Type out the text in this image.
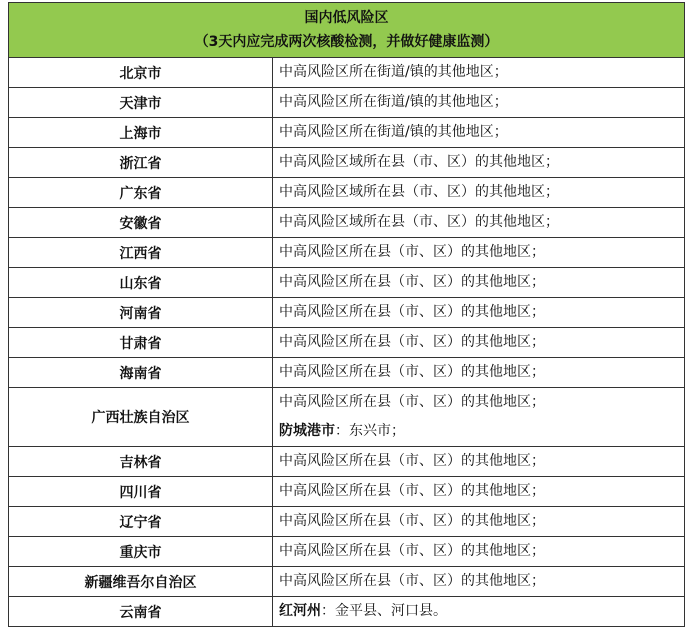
国内低风险区
（3天内应完成两次核酸检测，并做好健康监测）	

北京市	中高风险区所在街道/镇的其他地区；

天津市	中高风险区所在街道/镇的其他地区；

上海市	中高风险区所在街道/镇的其他地区；

浙江省	中高风险区域所在县（市、区）的其他地区；

广东省	中高风险区域所在县（市、区）的其他地区；

安徽省	中高风险区域所在县（市、区）的其他地区；

江西省	中高风险区所在县（市、区）的其他地区；

山东省	中高风险区所在县（市、区）的其他地区；

河南省	中高风险区所在县（市、区）的其他地区；

甘肃省	中高风险区所在县（市、区）的其他地区；

海南省	中高风险区所在县（市、区）的其他地区；

广西壮族自治区	中高风险区所在县（市、区）的其他地区；
防城港市：东兴市；

吉林省	中高风险区所在县（市、区）的其他地区；

四川省	中高风险区所在县（市、区）的其他地区；

辽宁省	中高风险区所在县（市、区）的其他地区；

重庆市	中高风险区所在县（市、区）的其他地区；

新疆维吾尔自治区	中高风险区所在县（市、区）的其他地区；

云南省	红河州：金平县、河口县。
